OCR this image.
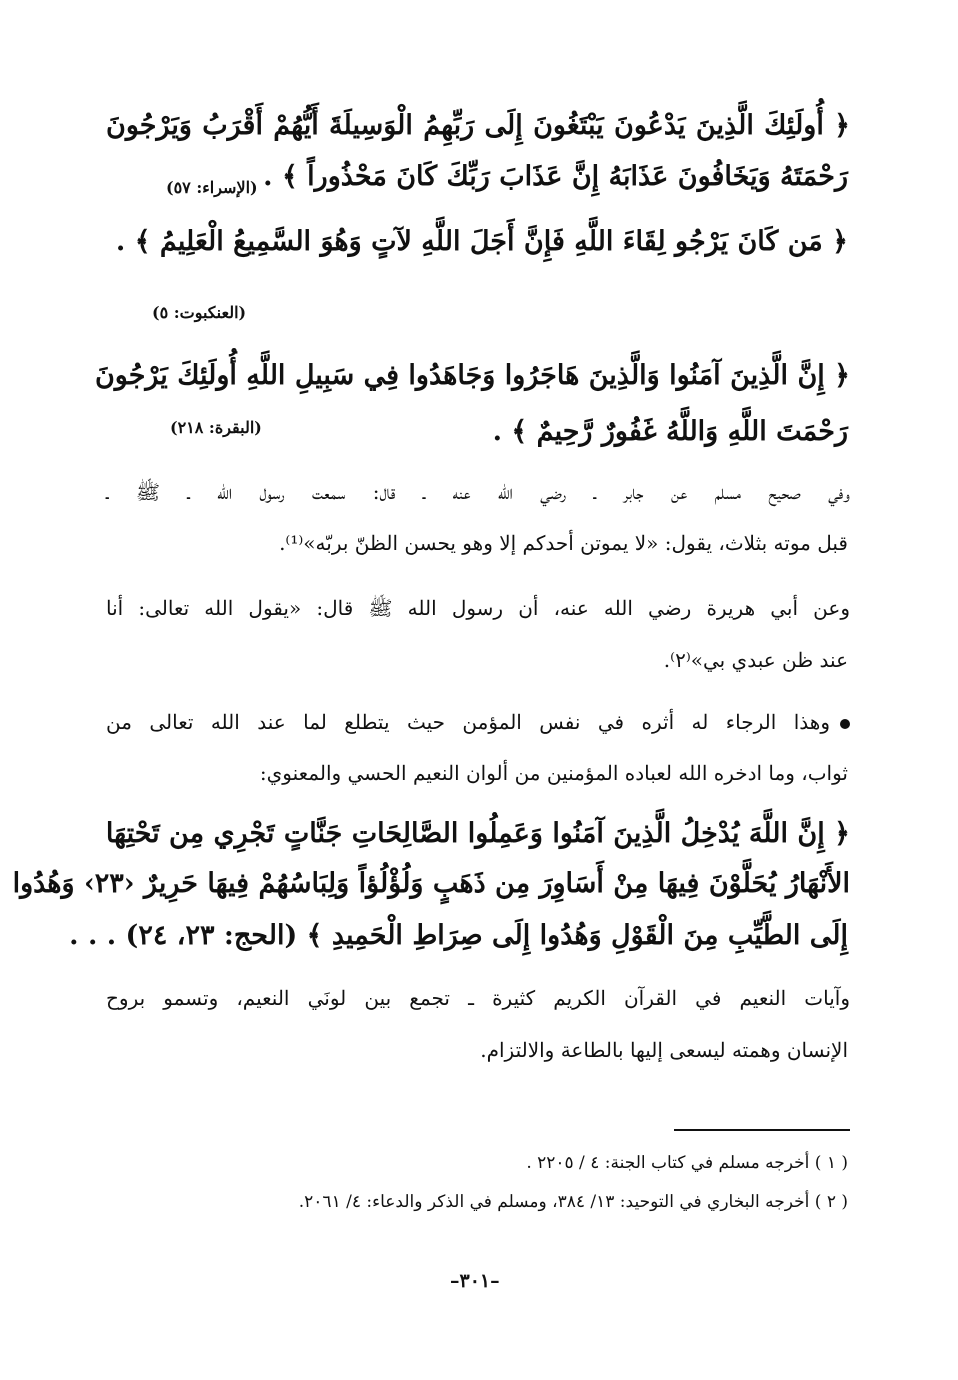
﴿ أُولَئِكَ الَّذِينَ يَدْعُونَ يَبْتَغُونَ إِلَى رَبِّهِمُ الْوَسِيلَةَ أَيُّهُمْ أَقْرَبُ وَيَرْجُونَ
رَحْمَتَهُ وَيَخَافُونَ عَذَابَهُ إِنَّ عَذَابَ رَبِّكَ كَانَ مَحْذُوراً ﴾ .
(الإسراء: ٥٧)
﴿ مَن كَانَ يَرْجُو لِقَاءَ اللَّهِ فَإِنَّ أَجَلَ اللَّهِ لآتٍ وَهُوَ السَّمِيعُ الْعَلِيمُ ﴾ .
(العنكبوت: ٥)
﴿ إِنَّ الَّذِينَ آمَنُوا وَالَّذِينَ هَاجَرُوا وَجَاهَدُوا فِي سَبِيلِ اللَّهِ أُولَئِكَ يَرْجُونَ
رَحْمَتَ اللَّهِ وَاللَّهُ غَفُورٌ رَّحِيمٌ ﴾ .
(البقرة: ٢١٨)
وفي صحيح مسلم عن جابر ـ رضي الله عنه ـ قال: سمعت رسول الله ـ ﷺ ـ
قبل موته بثلاث، يقول: «لا يموتن أحدكم إلا وهو يحسن الظنّ بربّه»⁽¹⁾.
وعن أبي هريرة رضي الله عنه، أن رسول الله ﷺ قال: «يقول الله تعالى: أنا
عند ظن عبدي بي»⁽٢⁾.
وهذا الرجاء له أثره في نفس المؤمن حيث يتطلع لما عند الله تعالى من
ثواب، وما ادخره الله لعباده المؤمنين من ألوان النعيم الحسي والمعنوي:
﴿ إِنَّ اللَّهَ يُدْخِلُ الَّذِينَ آمَنُوا وَعَمِلُوا الصَّالِحَاتِ جَنَّاتٍ تَجْرِي مِن تَحْتِهَا
الأَنْهَارُ يُحَلَّوْنَ فِيهَا مِنْ أَسَاوِرَ مِن ذَهَبٍ وَلُؤْلُؤاً وَلِبَاسُهُمْ فِيهَا حَرِيرٌ ‹٢٣› وَهُدُوا
إِلَى الطَّيِّبِ مِنَ الْقَوْلِ وَهُدُوا إِلَى صِرَاطِ الْحَمِيدِ ﴾ (الحج: ٢٣، ٢٤) . . .
وآيات النعيم في القرآن الكريم كثيرة ـ تجمع بين لونَي النعيم، وتسمو بروح
الإنسان وهمته ليسعى إليها بالطاعة والالتزام.
( ١ ) أخرجه مسلم في كتاب الجنة: ٤ / ٢٢٠٥ .
( ٢ ) أخرجه البخاري في التوحيد: ١٣/ ٣٨٤، ومسلم في الذكر والدعاء: ٤/ ٢٠٦١.
–٣٠١–
